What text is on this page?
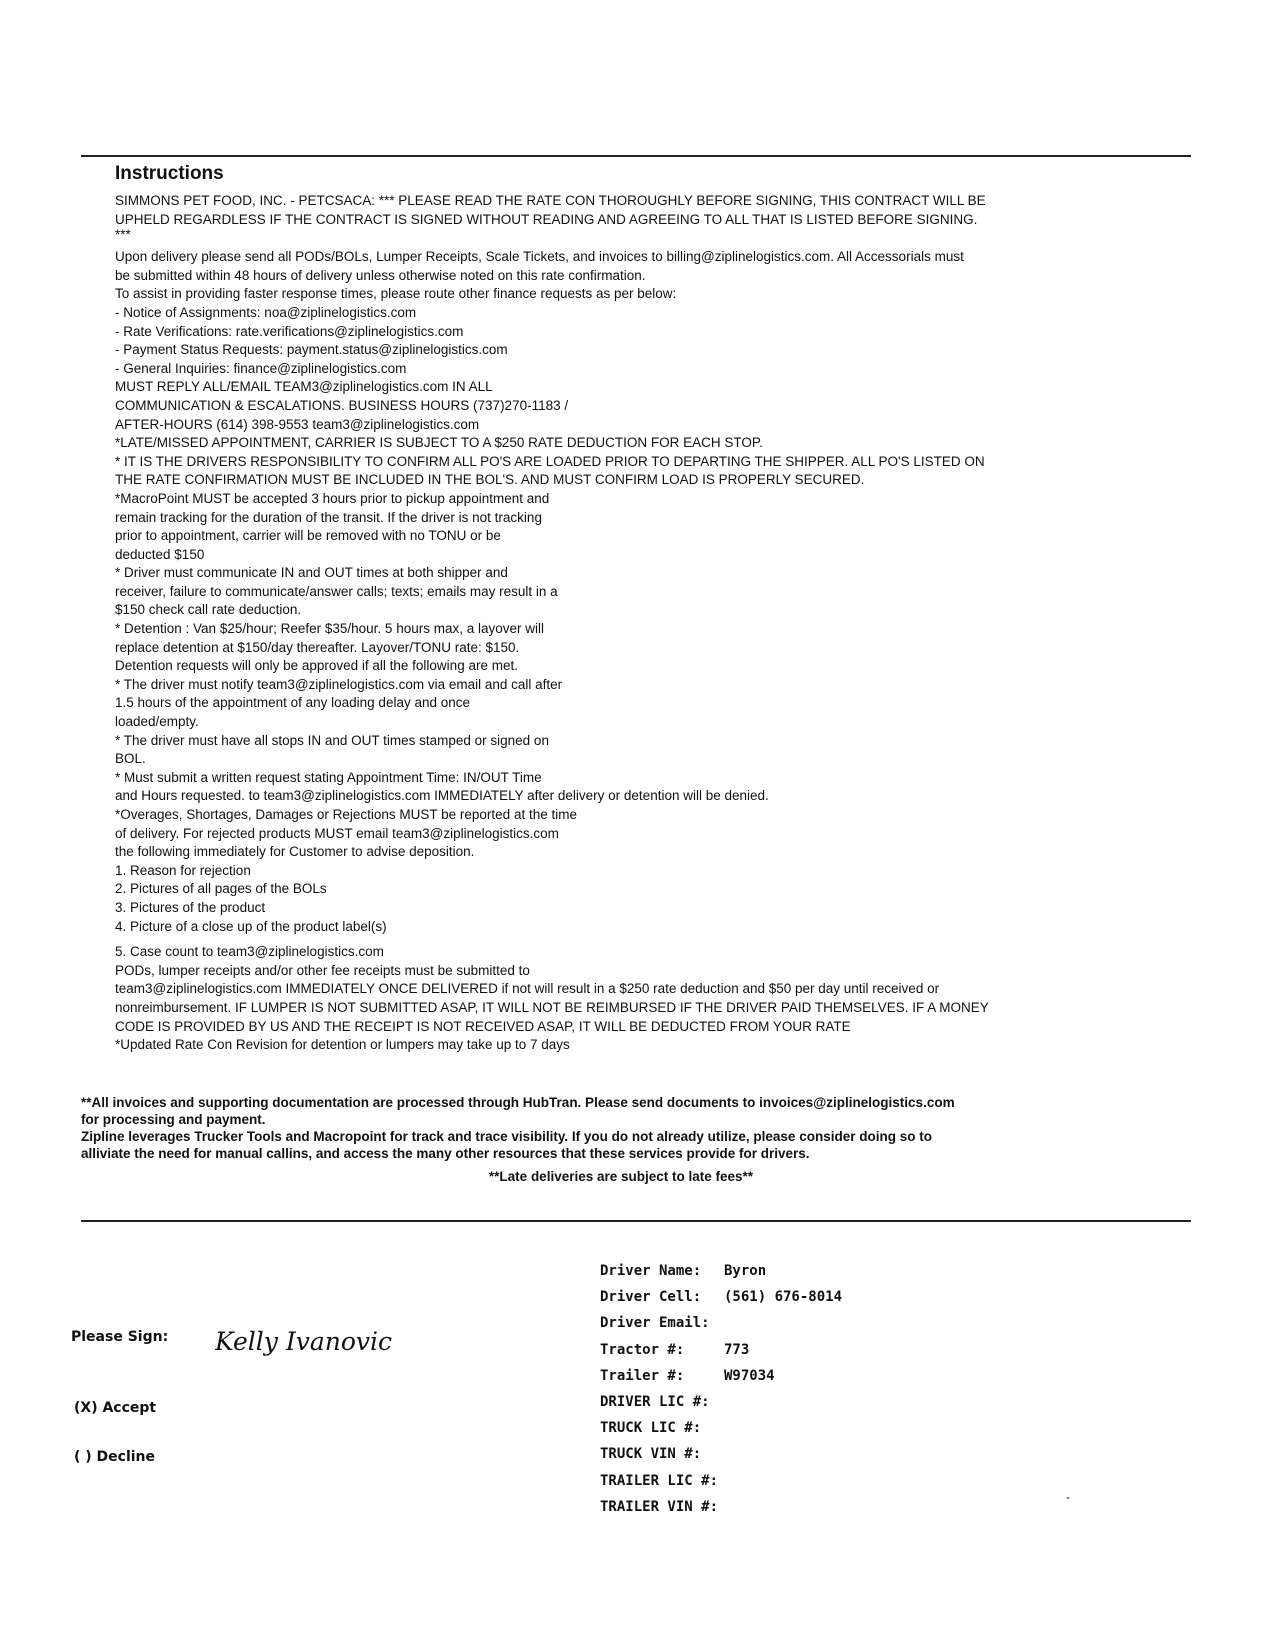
Instructions
SIMMONS PET FOOD, INC. - PETCSACA: *** PLEASE READ THE RATE CON THOROUGHLY BEFORE SIGNING, THIS CONTRACT WILL BE
UPHELD REGARDLESS IF THE CONTRACT IS SIGNED WITHOUT READING AND AGREEING TO ALL THAT IS LISTED BEFORE SIGNING.
***
Upon delivery please send all PODs/BOLs, Lumper Receipts, Scale Tickets, and invoices to billing@ziplinelogistics.com. All Accessorials must
be submitted within 48 hours of delivery unless otherwise noted on this rate confirmation.
To assist in providing faster response times, please route other finance requests as per below:
- Notice of Assignments: noa@ziplinelogistics.com
- Rate Verifications: rate.verifications@ziplinelogistics.com
- Payment Status Requests: payment.status@ziplinelogistics.com
- General Inquiries: finance@ziplinelogistics.com
MUST REPLY ALL/EMAIL TEAM3@ziplinelogistics.com IN ALL
COMMUNICATION & ESCALATIONS. BUSINESS HOURS (737)270-1183 /
AFTER-HOURS (614) 398-9553 team3@ziplinelogistics.com
*LATE/MISSED APPOINTMENT, CARRIER IS SUBJECT TO A $250 RATE DEDUCTION FOR EACH STOP.
* IT IS THE DRIVERS RESPONSIBILITY TO CONFIRM ALL PO'S ARE LOADED PRIOR TO DEPARTING THE SHIPPER. ALL PO'S LISTED ON
THE RATE CONFIRMATION MUST BE INCLUDED IN THE BOL'S. AND MUST CONFIRM LOAD IS PROPERLY SECURED.
*MacroPoint MUST be accepted 3 hours prior to pickup appointment and
remain tracking for the duration of the transit. If the driver is not tracking
prior to appointment, carrier will be removed with no TONU or be
deducted $150
* Driver must communicate IN and OUT times at both shipper and
receiver, failure to communicate/answer calls; texts; emails may result in a
$150 check call rate deduction.
* Detention : Van $25/hour; Reefer $35/hour. 5 hours max, a layover will
replace detention at $150/day thereafter. Layover/TONU rate: $150.
Detention requests will only be approved if all the following are met.
* The driver must notify team3@ziplinelogistics.com via email and call after
1.5 hours of the appointment of any loading delay and once
loaded/empty.
* The driver must have all stops IN and OUT times stamped or signed on
BOL.
* Must submit a written request stating Appointment Time: IN/OUT Time
and Hours requested. to team3@ziplinelogistics.com IMMEDIATELY after delivery or detention will be denied.
*Overages, Shortages, Damages or Rejections MUST be reported at the time
of delivery. For rejected products MUST email team3@ziplinelogistics.com
the following immediately for Customer to advise deposition.
1. Reason for rejection
2. Pictures of all pages of the BOLs
3. Pictures of the product
4. Picture of a close up of the product label(s)
5. Case count to team3@ziplinelogistics.com
PODs, lumper receipts and/or other fee receipts must be submitted to
team3@ziplinelogistics.com IMMEDIATELY ONCE DELIVERED if not will result in a $250 rate deduction and $50 per day until received or
nonreimbursement. IF LUMPER IS NOT SUBMITTED ASAP, IT WILL NOT BE REIMBURSED IF THE DRIVER PAID THEMSELVES. IF A MONEY
CODE IS PROVIDED BY US AND THE RECEIPT IS NOT RECEIVED ASAP, IT WILL BE DEDUCTED FROM YOUR RATE
*Updated Rate Con Revision for detention or lumpers may take up to 7 days
**All invoices and supporting documentation are processed through HubTran. Please send documents to invoices@ziplinelogistics.com
for processing and payment.
Zipline leverages Trucker Tools and Macropoint for track and trace visibility. If you do not already utilize, please consider doing so to
alliviate the need for manual callins, and access the many other resources that these services provide for drivers.
**Late deliveries are subject to late fees**
Please Sign: Kelly Ivanovic
(X) Accept
( ) Decline
Driver Name:	Byron
Driver Cell:	(561) 676-8014
Driver Email:
Tractor #:	773
Trailer #:	W97034
DRIVER LIC #:
TRUCK LIC #:
TRUCK VIN #:
TRAILER LIC #:
TRAILER VIN #:
-
